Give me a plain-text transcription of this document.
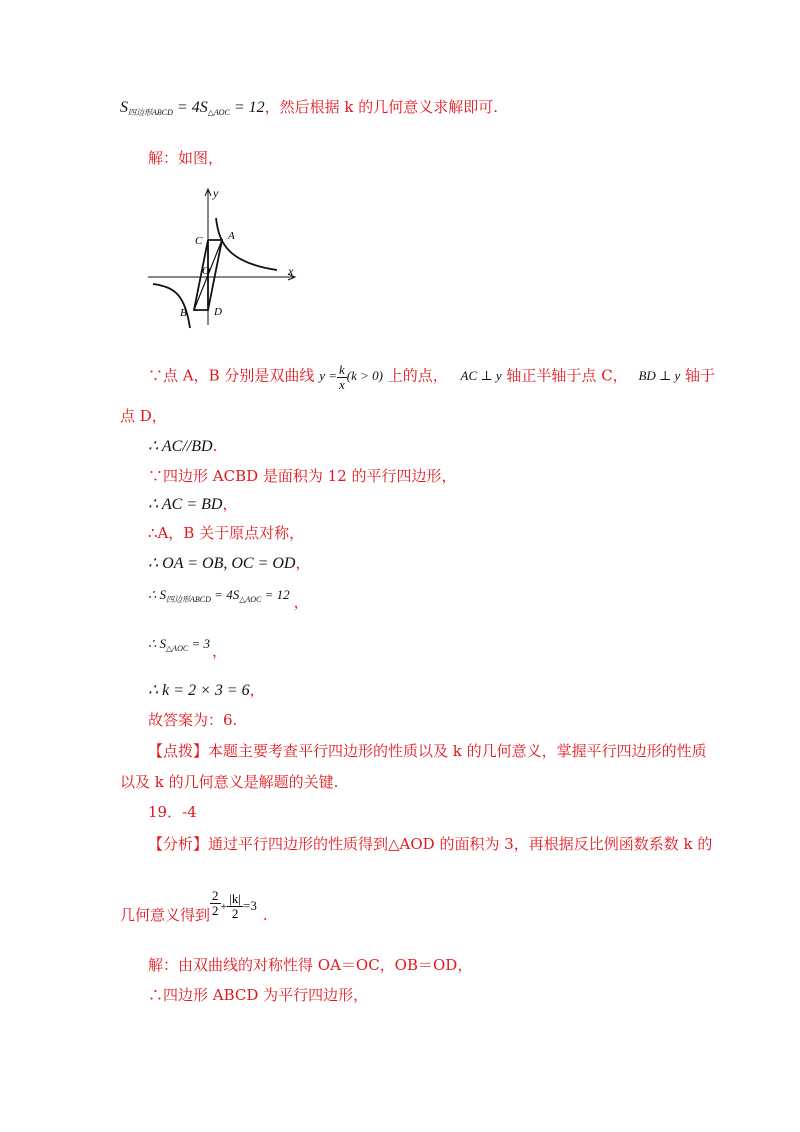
$S_{四边形ABCD} = 4S_{\triangle AOC} = 12$，然后根据 k 的几何意义求解即可.
解：如图，
y
x
C A
O
B D
∵点 A，B 分别是双曲线 $y = \frac{k}{x} (k > 0)$ 上的点， AC ⊥ y 轴正半轴于点 C， BD ⊥ y 轴于
点 D，
∴ AC//BD.
∵四边形 ACBD 是面积为 12 的平行四边形，
∴ AC = BD，
∴A，B 关于原点对称，
∴ OA = OB, OC = OD，
∴ $S_{四边形ABCD} = 4S_{\triangle AOC} = 12$ ，
∴ $S_{\triangle AOC} = 3$ ，
∴ k = 2 × 3 = 6，
故答案为：6.
【点拨】本题主要考查平行四边形的性质以及 k 的几何意义，掌握平行四边形的性质
以及 k 的几何意义是解题的关键.
19．-4
【分析】通过平行四边形的性质得到△AOD 的面积为 3，再根据反比例函数系数 k 的
几何意义得到 $\frac{2}{2} + \frac{|k|}{2} =3$.
解：由双曲线的对称性得 OA＝OC，OB＝OD，
∴四边形 ABCD 为平行四边形，
